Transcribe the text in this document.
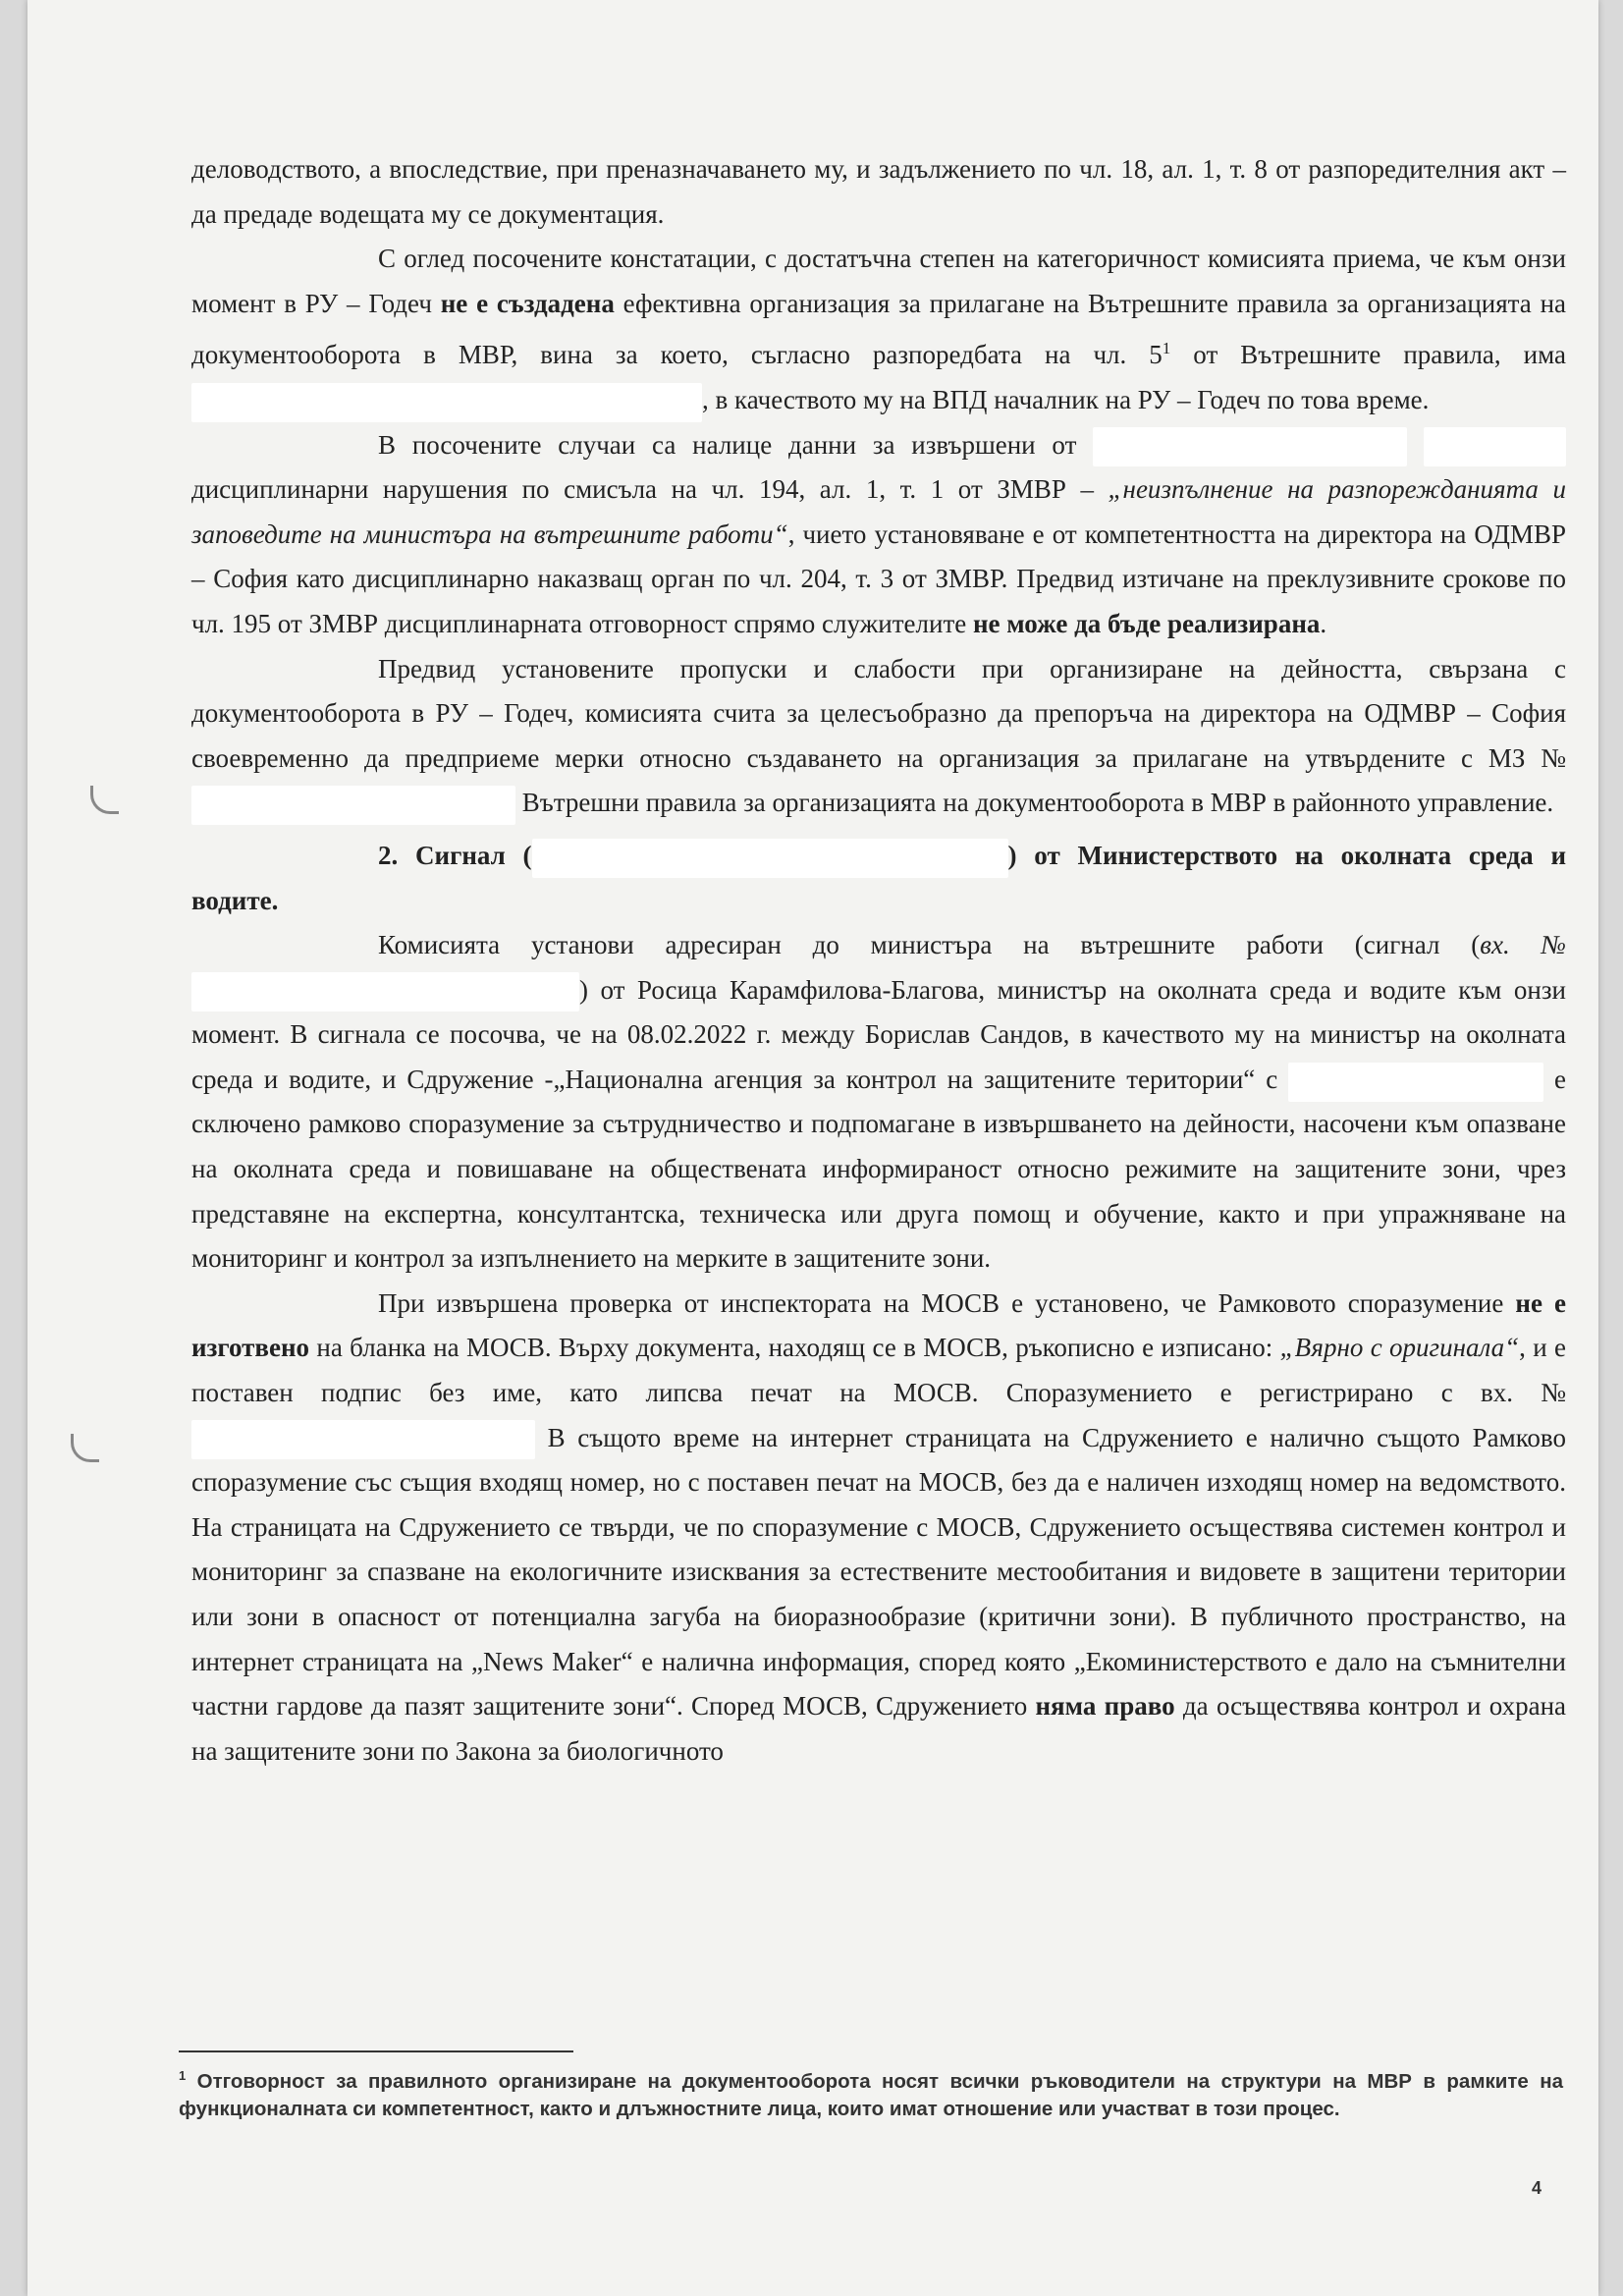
деловодството, а впоследствие, при преназначаването му, и задължението по чл. 18, ал. 1, т. 8 от разпоредителния акт – да предаде водещата му се документация.

С оглед посочените констатации, с достатъчна степен на категоричност комисията приема, че към онзи момент в РУ – Годеч не е създадена ефективна организация за прилагане на Вътрешните правила за организацията на документооборота в МВР, вина за което, съгласно разпоредбата на чл. $5^1$ от Вътрешните правила, има , в качеството му на ВПД началник на РУ – Годеч по това време.

В посочените случаи са налице данни за извършени от  дисциплинарни нарушения по смисъла на чл. 194, ал. 1, т. 1 от ЗМВР – „неизпълнение на разпорежданията и заповедите на министъра на вътрешните работи“, чието установяване е от компетентността на директора на ОДМВР – София като дисциплинарно наказващ орган по чл. 204, т. 3 от ЗМВР. Предвид изтичане на преклузивните срокове по чл. 195 от ЗМВР дисциплинарната отговорност спрямо служителите не може да бъде реализирана.

Предвид установените пропуски и слабости при организиране на дейността, свързана с документооборота в РУ – Годеч, комисията счита за целесъобразно да препоръча на директора на ОДМВР – София своевременно да предприеме мерки относно създаването на организация за прилагане на утвърдените с МЗ №  Вътрешни правила за организацията на документооборота в МВР в районното управление.

2. Сигнал (	) от Министерството на околната среда и водите.

Комисията установи адресиран до министъра на вътрешните работи (сигнал (вх. № ) от Росица Карамфилова-Благова, министър на околната среда и водите към онзи момент. В сигнала се посочва, че на 08.02.2022 г. между Борислав Сандов, в качеството му на министър на околната среда и водите, и Сдружение -„Национална агенция за контрол на защитените територии“ с	е сключено рамково споразумение за сътрудничество и подпомагане в извършването на дейности, насочени към опазване на околната среда и повишаване на обществената информираност относно режимите на защитените зони, чрез представяне на експертна, консултантска, техническа или друга помощ и обучение, както и при упражняване на мониторинг и контрол за изпълнението на мерките в защитените зони.

При извършена проверка от инспектората на МОСВ е установено, че Рамковото споразумение не е изготвено на бланка на МОСВ. Върху документа, находящ се в МОСВ, ръкописно е изписано: „Вярно с оригинала“, и е поставен подпис без име, като липсва печат на МОСВ. Споразумението е регистрирано с вх. №  В същото време на интернет страницата на Сдружението е налично същото Рамково споразумение със същия входящ номер, но с поставен печат на МОСВ, без да е наличен изходящ номер на ведомството. На страницата на Сдружението се твърди, че по споразумение с МОСВ, Сдружението осъществява системен контрол и мониторинг за спазване на екологичните изисквания за естествените местообитания и видовете в защитени територии или зони в опасност от потенциална загуба на биоразнообразие (критични зони). В публичното пространство, на интернет страницата на „News Maker“ е налична информация, според която „Екоминистерството е дало на съмнителни частни гардове да пазят защитените зони“. Според МОСВ, Сдружението няма право да осъществява контрол и охрана на защитените зони по Закона за биологичното

$^1$ Отговорност за правилното организиране на документооборота носят всички ръководители на структури на МВР в рамките на функционалната си компетентност, както и длъжностните лица, които имат отношение или участват в този процес.
4
